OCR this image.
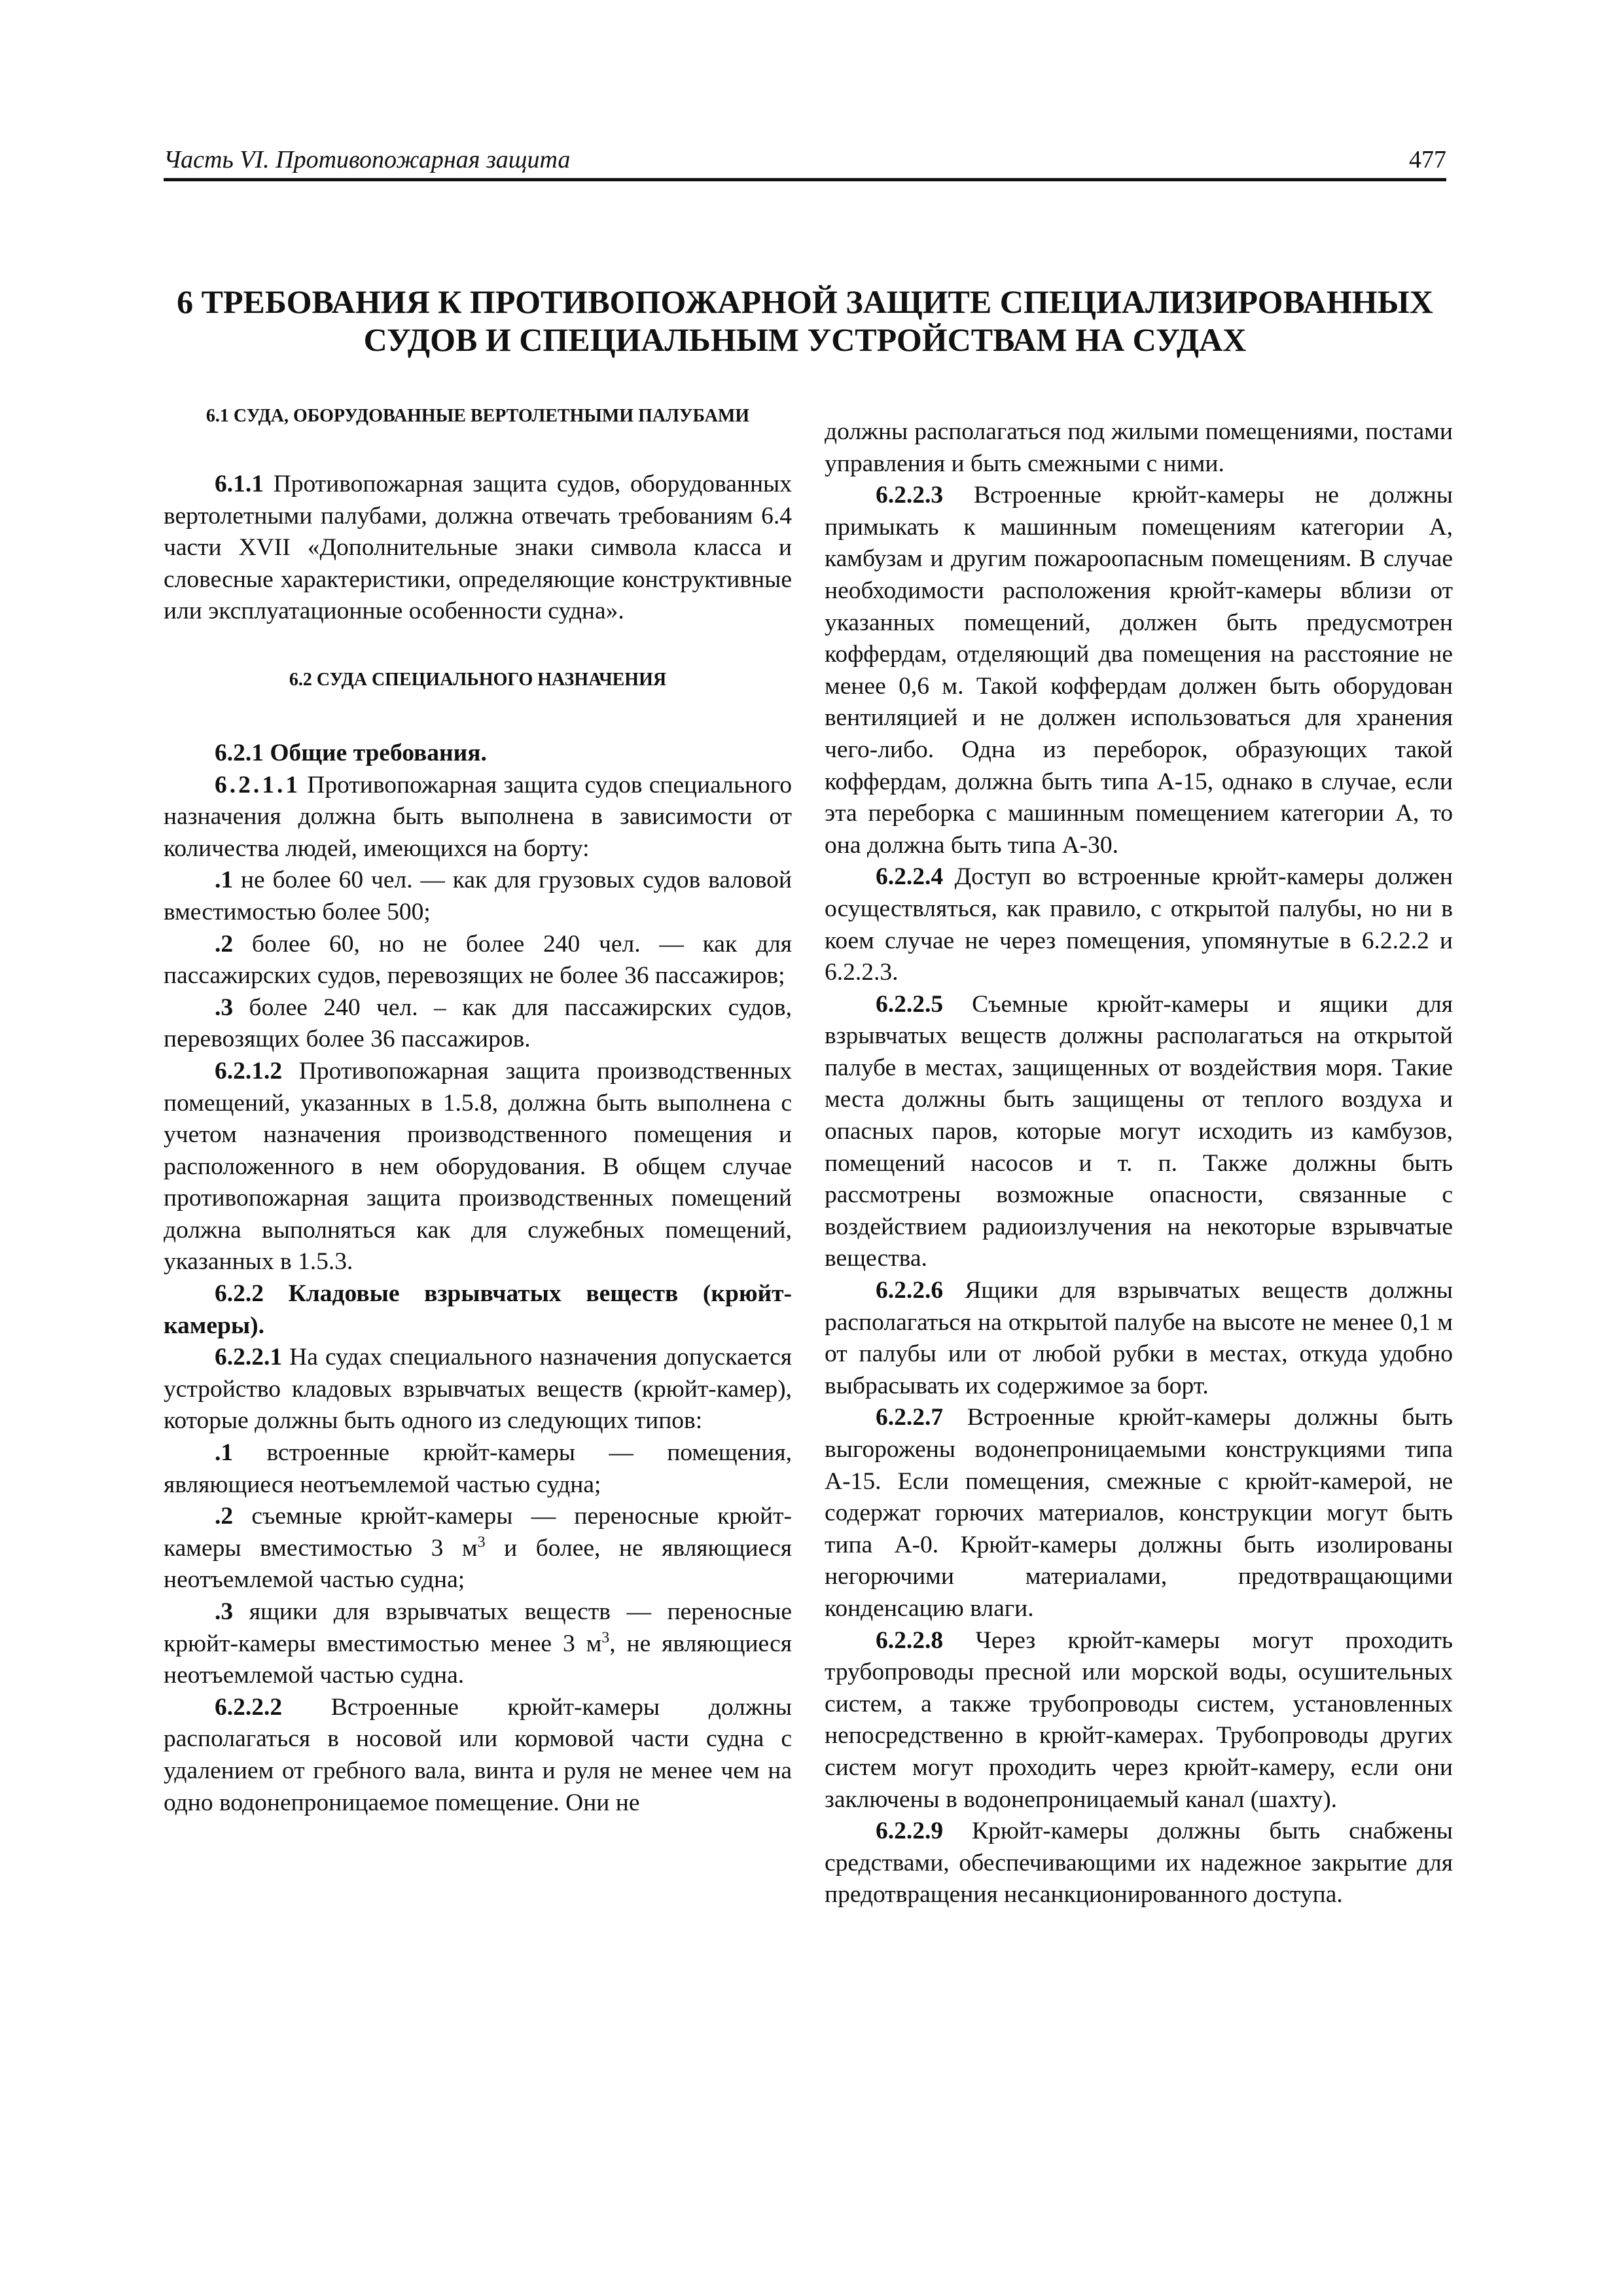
Часть VI. Противопожарная защита	477
6 ТРЕБОВАНИЯ К ПРОТИВОПОЖАРНОЙ ЗАЩИТЕ СПЕЦИАЛИЗИРОВАННЫХ СУДОВ И СПЕЦИАЛЬНЫМ УСТРОЙСТВАМ НА СУДАХ

6.1 СУДА, ОБОРУДОВАННЫЕ ВЕРТОЛЕТНЫМИ ПАЛУБАМИ

6.1.1 Противопожарная защита судов, оборудованных вертолетными палубами, должна отвечать требованиям 6.4 части XVII «Дополнительные знаки символа класса и словесные характеристики, определяющие конструктивные или эксплуатационные особенности судна».

6.2 СУДА СПЕЦИАЛЬНОГО НАЗНАЧЕНИЯ

6.2.1 Общие требования.

6.2.1.1 Противопожарная защита судов специального назначения должна быть выполнена в зависимости от количества людей, имеющихся на борту:

.1 не более 60 чел. — как для грузовых судов валовой вместимостью более 500;

.2 более 60, но не более 240 чел. — как для пассажирских судов, перевозящих не более 36 пассажиров;

.3 более 240 чел. – как для пассажирских судов, перевозящих более 36 пассажиров.

6.2.1.2 Противопожарная защита производственных помещений, указанных в 1.5.8, должна быть выполнена с учетом назначения производственного помещения и расположенного в нем оборудования. В общем случае противопожарная защита производственных помещений должна выполняться как для служебных помещений, указанных в 1.5.3.

6.2.2 Кладовые взрывчатых веществ (крюйт-камеры).

6.2.2.1 На судах специального назначения допускается устройство кладовых взрывчатых веществ (крюйт-камер), которые должны быть одного из следующих типов:

.1 встроенные крюйт-камеры — помещения, являющиеся неотъемлемой частью судна;

.2 съемные крюйт-камеры — переносные крюйт-камеры вместимостью 3 $м^3$ и более, не являющиеся неотъемлемой частью судна;

.3 ящики для взрывчатых веществ — переносные крюйт-камеры вместимостью менее 3 $м^3$, не являющиеся неотъемлемой частью судна.

6.2.2.2 Встроенные крюйт-камеры должны располагаться в носовой или кормовой части судна с удалением от гребного вала, винта и руля не менее чем на одно водонепроницаемое помещение. Они не

должны располагаться под жилыми помещениями, постами управления и быть смежными с ними.

6.2.2.3 Встроенные крюйт-камеры не должны примыкать к машинным помещениям категории А, камбузам и другим пожароопасным помещениям. В случае необходимости расположения крюйт-камеры вблизи от указанных помещений, должен быть предусмотрен коффердам, отделяющий два помещения на расстояние не менее 0,6 м. Такой коффердам должен быть оборудован вентиляцией и не должен использоваться для хранения чего-либо. Одна из переборок, образующих такой коффердам, должна быть типа А-15, однако в случае, если эта переборка с машинным помещением категории А, то она должна быть типа А-30.

6.2.2.4 Доступ во встроенные крюйт-камеры должен осуществляться, как правило, с открытой палубы, но ни в коем случае не через помещения, упомянутые в 6.2.2.2 и 6.2.2.3.

6.2.2.5 Съемные крюйт-камеры и ящики для взрывчатых веществ должны располагаться на открытой палубе в местах, защищенных от воздействия моря. Такие места должны быть защищены от теплого воздуха и опасных паров, которые могут исходить из камбузов, помещений насосов и т. п. Также должны быть рассмотрены возможные опасности, связанные с воздействием радиоизлучения на некоторые взрывчатые вещества.

6.2.2.6 Ящики для взрывчатых веществ должны располагаться на открытой палубе на высоте не менее 0,1 м от палубы или от любой рубки в местах, откуда удобно выбрасывать их содержимое за борт.

6.2.2.7 Встроенные крюйт-камеры должны быть выгорожены водонепроницаемыми конструкциями типа А-15. Если помещения, смежные с крюйт-камерой, не содержат горючих материалов, конструкции могут быть типа А-0. Крюйт-камеры должны быть изолированы негорючими материалами, предотвращающими конденсацию влаги.

6.2.2.8 Через крюйт-камеры могут проходить трубопроводы пресной или морской воды, осушительных систем, а также трубопроводы систем, установленных непосредственно в крюйт-камерах. Трубопроводы других систем могут проходить через крюйт-камеру, если они заключены в водонепроницаемый канал (шахту).

6.2.2.9 Крюйт-камеры должны быть снабжены средствами, обеспечивающими их надежное закрытие для предотвращения несанкционированного доступа.
